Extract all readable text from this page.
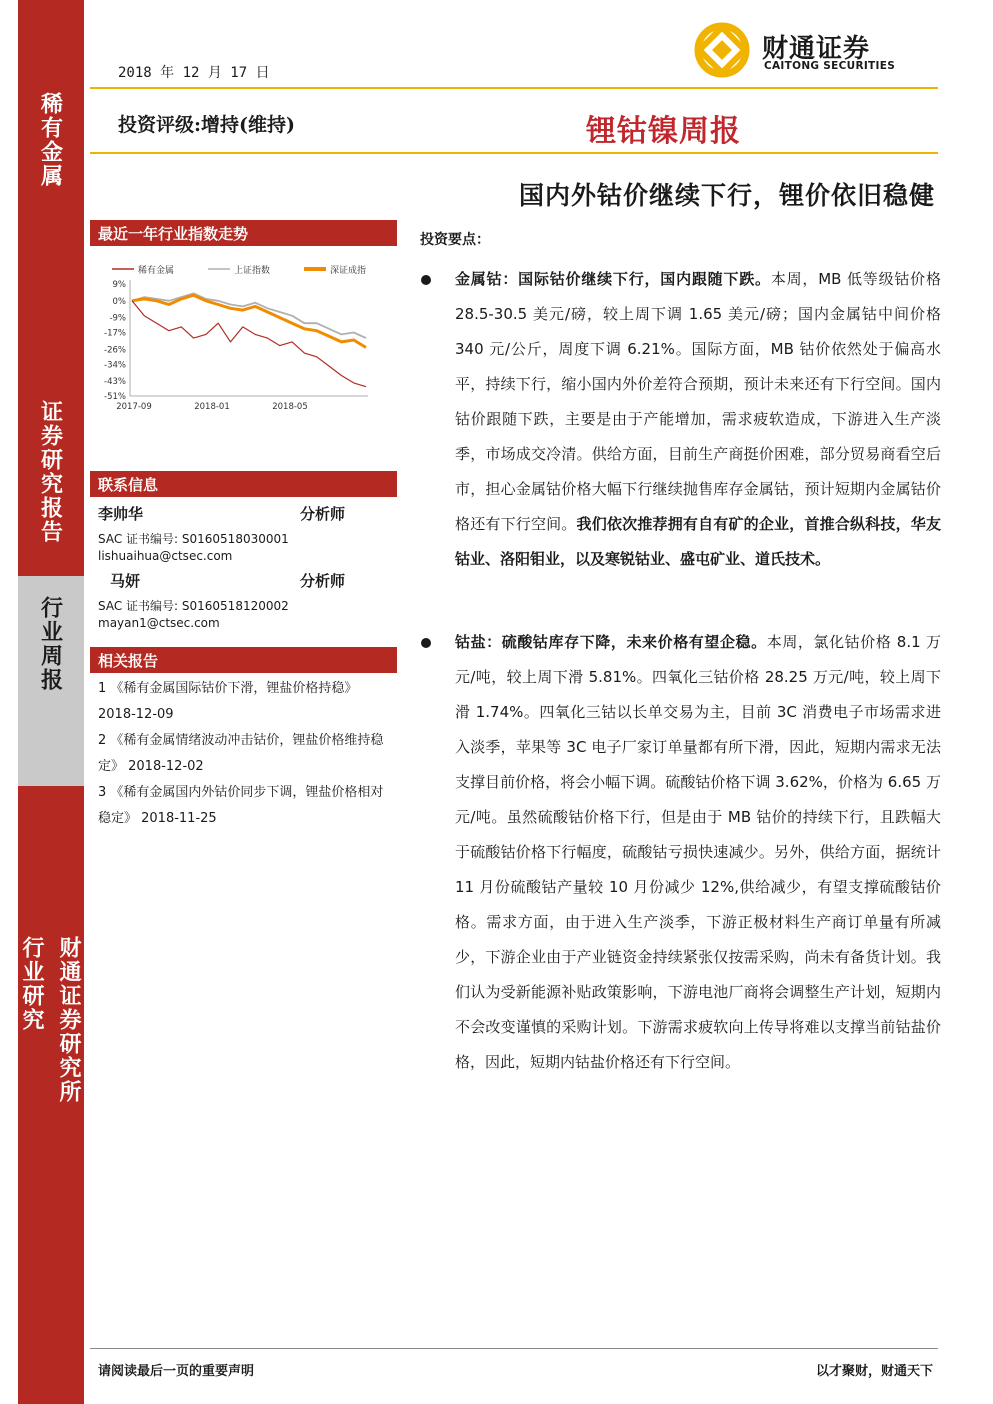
稀有金属
证券研究报告
行业周报
财通证券研究所
行业研究
2018 年 12 月 17 日
财通证券
CAITONG SECURITIES
投资评级:增持(维持)	锂钴镍周报
国内外钴价继续下行，锂价依旧稳健
最近一年行业指数走势
稀有金属	上证指数	深证成指
9%
0%
-9%
-17%
-26%
-34%
-43%
-51%
2017-09	2018-01	2018-05
联系信息
李帅华	分析师
SAC 证书编号: S0160518030001
lishuaihua@ctsec.com
马妍	分析师
SAC 证书编号: S0160518120002
mayan1@ctsec.com
相关报告
1 《稀有金属国际钴价下滑，锂盐价格持稳》 2018-12-09
2 《稀有金属情绪波动冲击钴价，锂盐价格维持稳定》 2018-12-02
3 《稀有金属国内外钴价同步下调，锂盐价格相对稳定》 2018-11-25
投资要点：
金属钴：国际钴价继续下行，国内跟随下跌。本周，MB 低等级钴价格 28.5-30.5 美元/磅，较上周下调 1.65 美元/磅；国内金属钴中间价格 340 元/公斤，周度下调 6.21%。国际方面，MB 钴价依然处于偏高水平，持续下行，缩小国内外价差符合预期，预计未来还有下行空间。国内钴价跟随下跌，主要是由于产能增加，需求疲软造成，下游进入生产淡季，市场成交冷清。供给方面，目前生产商挺价困难，部分贸易商看空后市，担心金属钴价格大幅下行继续抛售库存金属钴，预计短期内金属钴价格还有下行空间。我们依次推荐拥有自有矿的企业，首推合纵科技，华友钴业、洛阳钼业，以及寒锐钴业、盛屯矿业、道氏技术。
钴盐：硫酸钴库存下降，未来价格有望企稳。本周，氯化钴价格 8.1 万元/吨，较上周下滑 5.81%。四氧化三钴价格 28.25 万元/吨，较上周下滑 1.74%。四氧化三钴以长单交易为主，目前 3C 消费电子市场需求进入淡季，苹果等 3C 电子厂家订单量都有所下滑，因此，短期内需求无法支撑目前价格，将会小幅下调。硫酸钴价格下调 3.62%，价格为 6.65 万元/吨。虽然硫酸钴价格下行，但是由于 MB 钴价的持续下行，且跌幅大于硫酸钴价格下行幅度，硫酸钴亏损快速减少。另外，供给方面，据统计 11 月份硫酸钴产量较 10 月份减少 12%,供给减少，有望支撑硫酸钴价格。需求方面，由于进入生产淡季，下游正极材料生产商订单量有所减少，下游企业由于产业链资金持续紧张仅按需采购，尚未有备货计划。我们认为受新能源补贴政策影响，下游电池厂商将会调整生产计划，短期内不会改变谨慎的采购计划。下游需求疲软向上传导将难以支撑当前钴盐价格，因此，短期内钴盐价格还有下行空间。
请阅读最后一页的重要声明	以才聚财，财通天下
